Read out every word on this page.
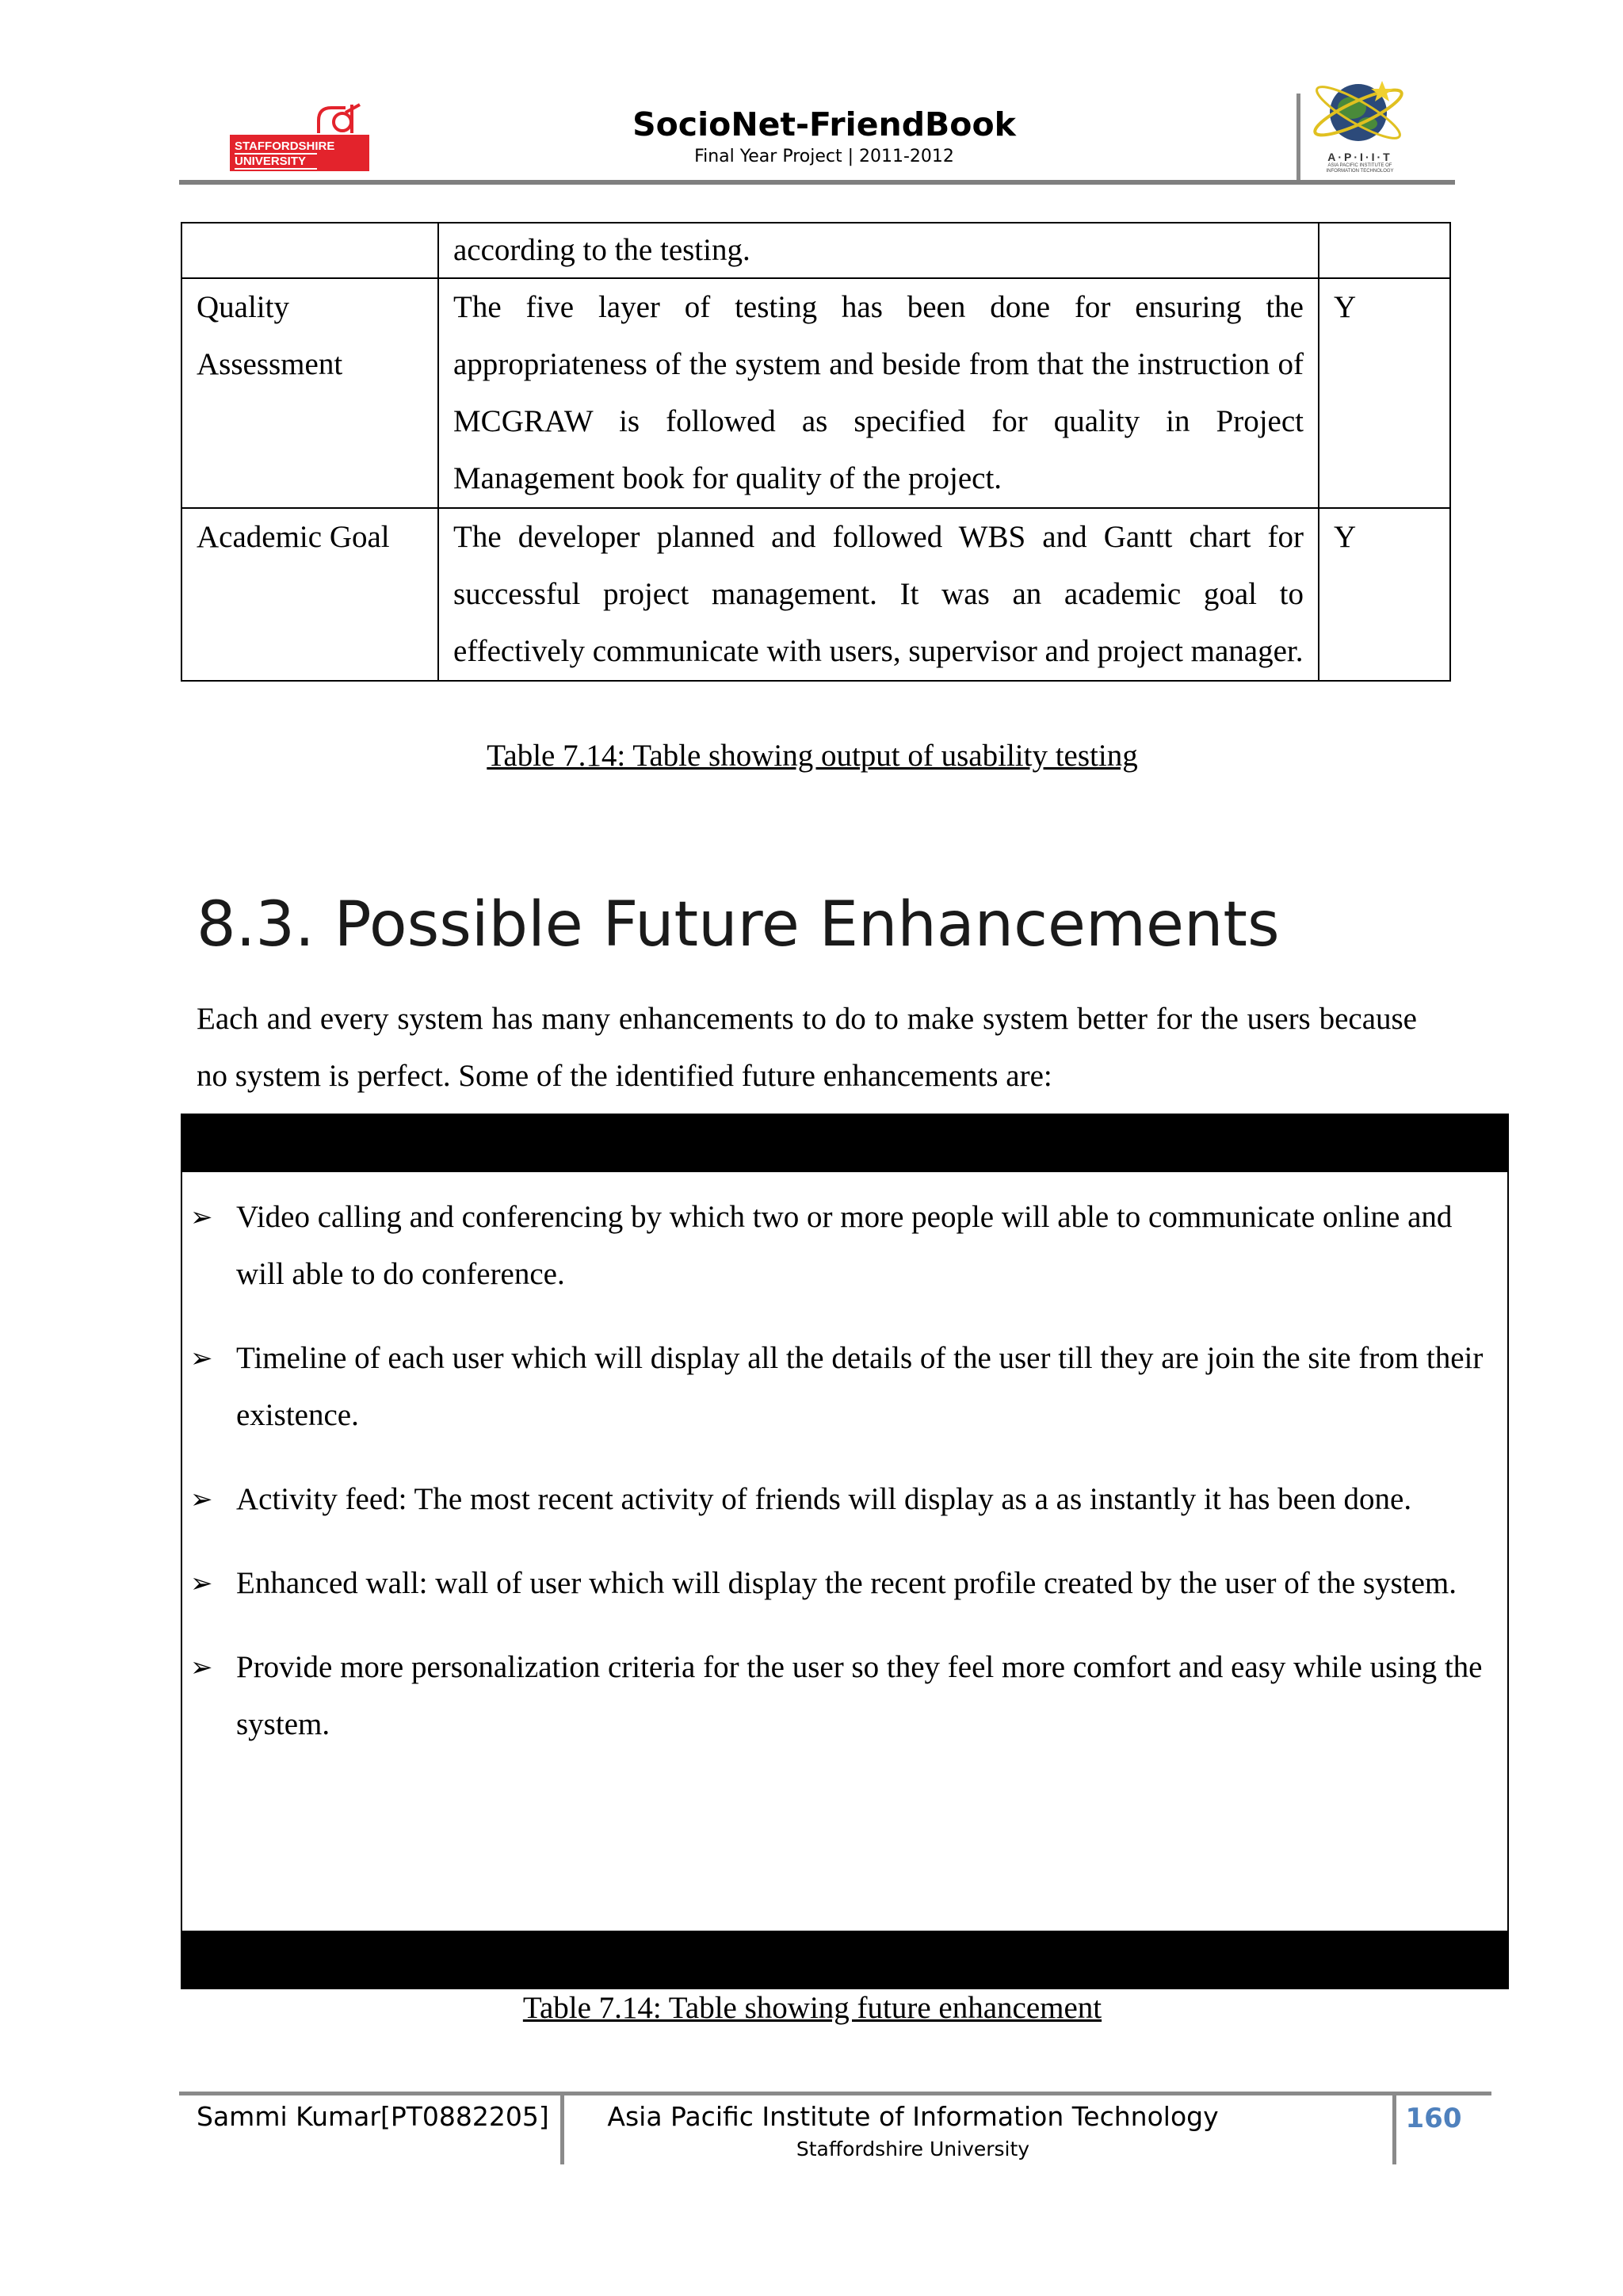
STAFFORDSHIRE
UNIVERSITY
SocioNet-FriendBook
Final Year Project | 2011-2012	A·P·I·I·T
ASIA PACIFIC INSTITUTE OF INFORMATION TECHNOLOGY
	according to the testing.	
Quality Assessment	The five layer of testing has been done for ensuring the appropriateness of the system and beside from that the instruction of MCGRAW is followed as specified for quality in Project Management book for quality of the project.	Y
Academic Goal	The developer planned and followed WBS and Gantt chart for successful project management. It was an academic goal to effectively communicate with users, supervisor and project manager.	Y
Table 7.14: Table showing output of usability testing
8.3. Possible Future Enhancements
Each and every system has many enhancements to do to make system better for the users because no system is perfect. Some of the identified future enhancements are:
➢ Video calling and conferencing by which two or more people will able to communicate online and will able to do conference.
➢ Timeline of each user which will display all the details of the user till they are join the site from their existence.
➢ Activity feed: The most recent activity of friends will display as a as instantly it has been done.
➢ Enhanced wall: wall of user which will display the recent profile created by the user of the system.
➢ Provide more personalization criteria for the user so they feel more comfort and easy while using the system.
Table 7.14: Table showing future enhancement
Sammi Kumar[PT0882205]	Asia Pacific Institute of Information Technology
Staffordshire University
160
